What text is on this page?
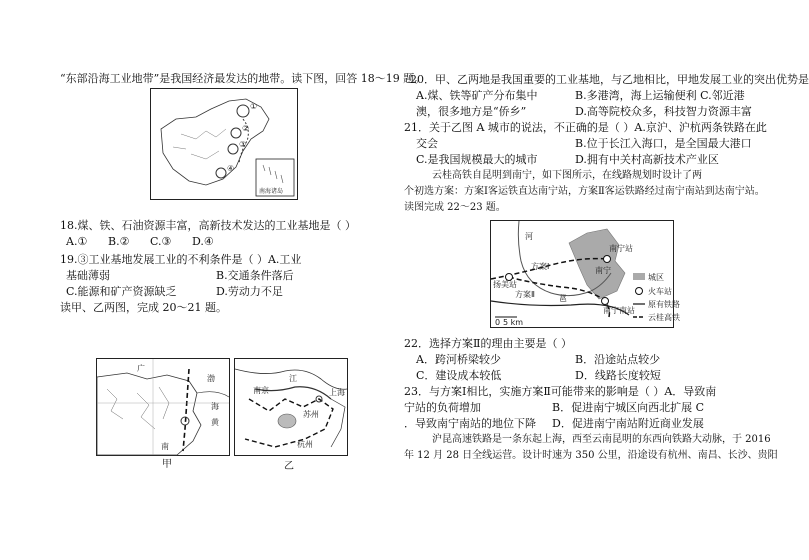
“东部沿海工业地带”是我国经济最发达的地带。读下图，回答 18～19 题。
①
②
③
④
南海诸岛
18.煤、铁、石油资源丰富，高新技术发达的工业基地是（ ）
A.① B.② C.③ D.④
19.③工业基地发展工业的不利条件是（ ）A.工业
基础薄弱	B.交通条件落后
C.能源和矿产资源缺乏	D.劳动力不足
读甲、乙两图，完成 20～21 题。
渤
海
黄
南
广
甲
上海
南京
杭州
苏州
江
乙
20．甲、乙两地是我国重要的工业基地，与乙地相比，甲地发展工业的突出优势是
A.煤、铁等矿产分布集中	B.多港湾，海上运输便利 C.邻近港
澳，很多地方是“侨乡”	D.高等院校众多，科技智力资源丰富
21．关于乙图 A 城市的说法，不正确的是（ ）A.京沪、沪杭两条铁路在此
交会	B.位于长江入海口，是全国最大港口
C.是我国规模最大的城市	D.拥有中关村高新技术产业区
云桂高铁自昆明到南宁，如下图所示，在线路规划时设计了两
个初选方案：方案Ⅰ客运铁直达南宁站，方案Ⅱ客运铁路经过南宁南站到达南宁站。
读图完成 22～23 题。
河
方案Ⅰ
方案Ⅱ
扬美站
南宁站
南宁南站
邕
南宁
0 5 km
城区
火车站
原有铁路
云桂高铁
22．选择方案Ⅱ的理由主要是（ ）
A．跨河桥梁较少	B．沿途站点较少
C．建设成本较低	D．线路长度较短
23．与方案Ⅰ相比，实施方案Ⅱ可能带来的影响是（ ）A．导致南
宁站的负荷增加	B．促进南宁城区向西北扩展 C
．导致南宁南站的地位下降 D．促进南宁南站附近商业发展
沪昆高速铁路是一条东起上海，西至云南昆明的东西向铁路大动脉，于 2016
年 12 月 28 日全线运营。设计时速为 350 公里，沿途设有杭州、南昌、长沙、贵阳
